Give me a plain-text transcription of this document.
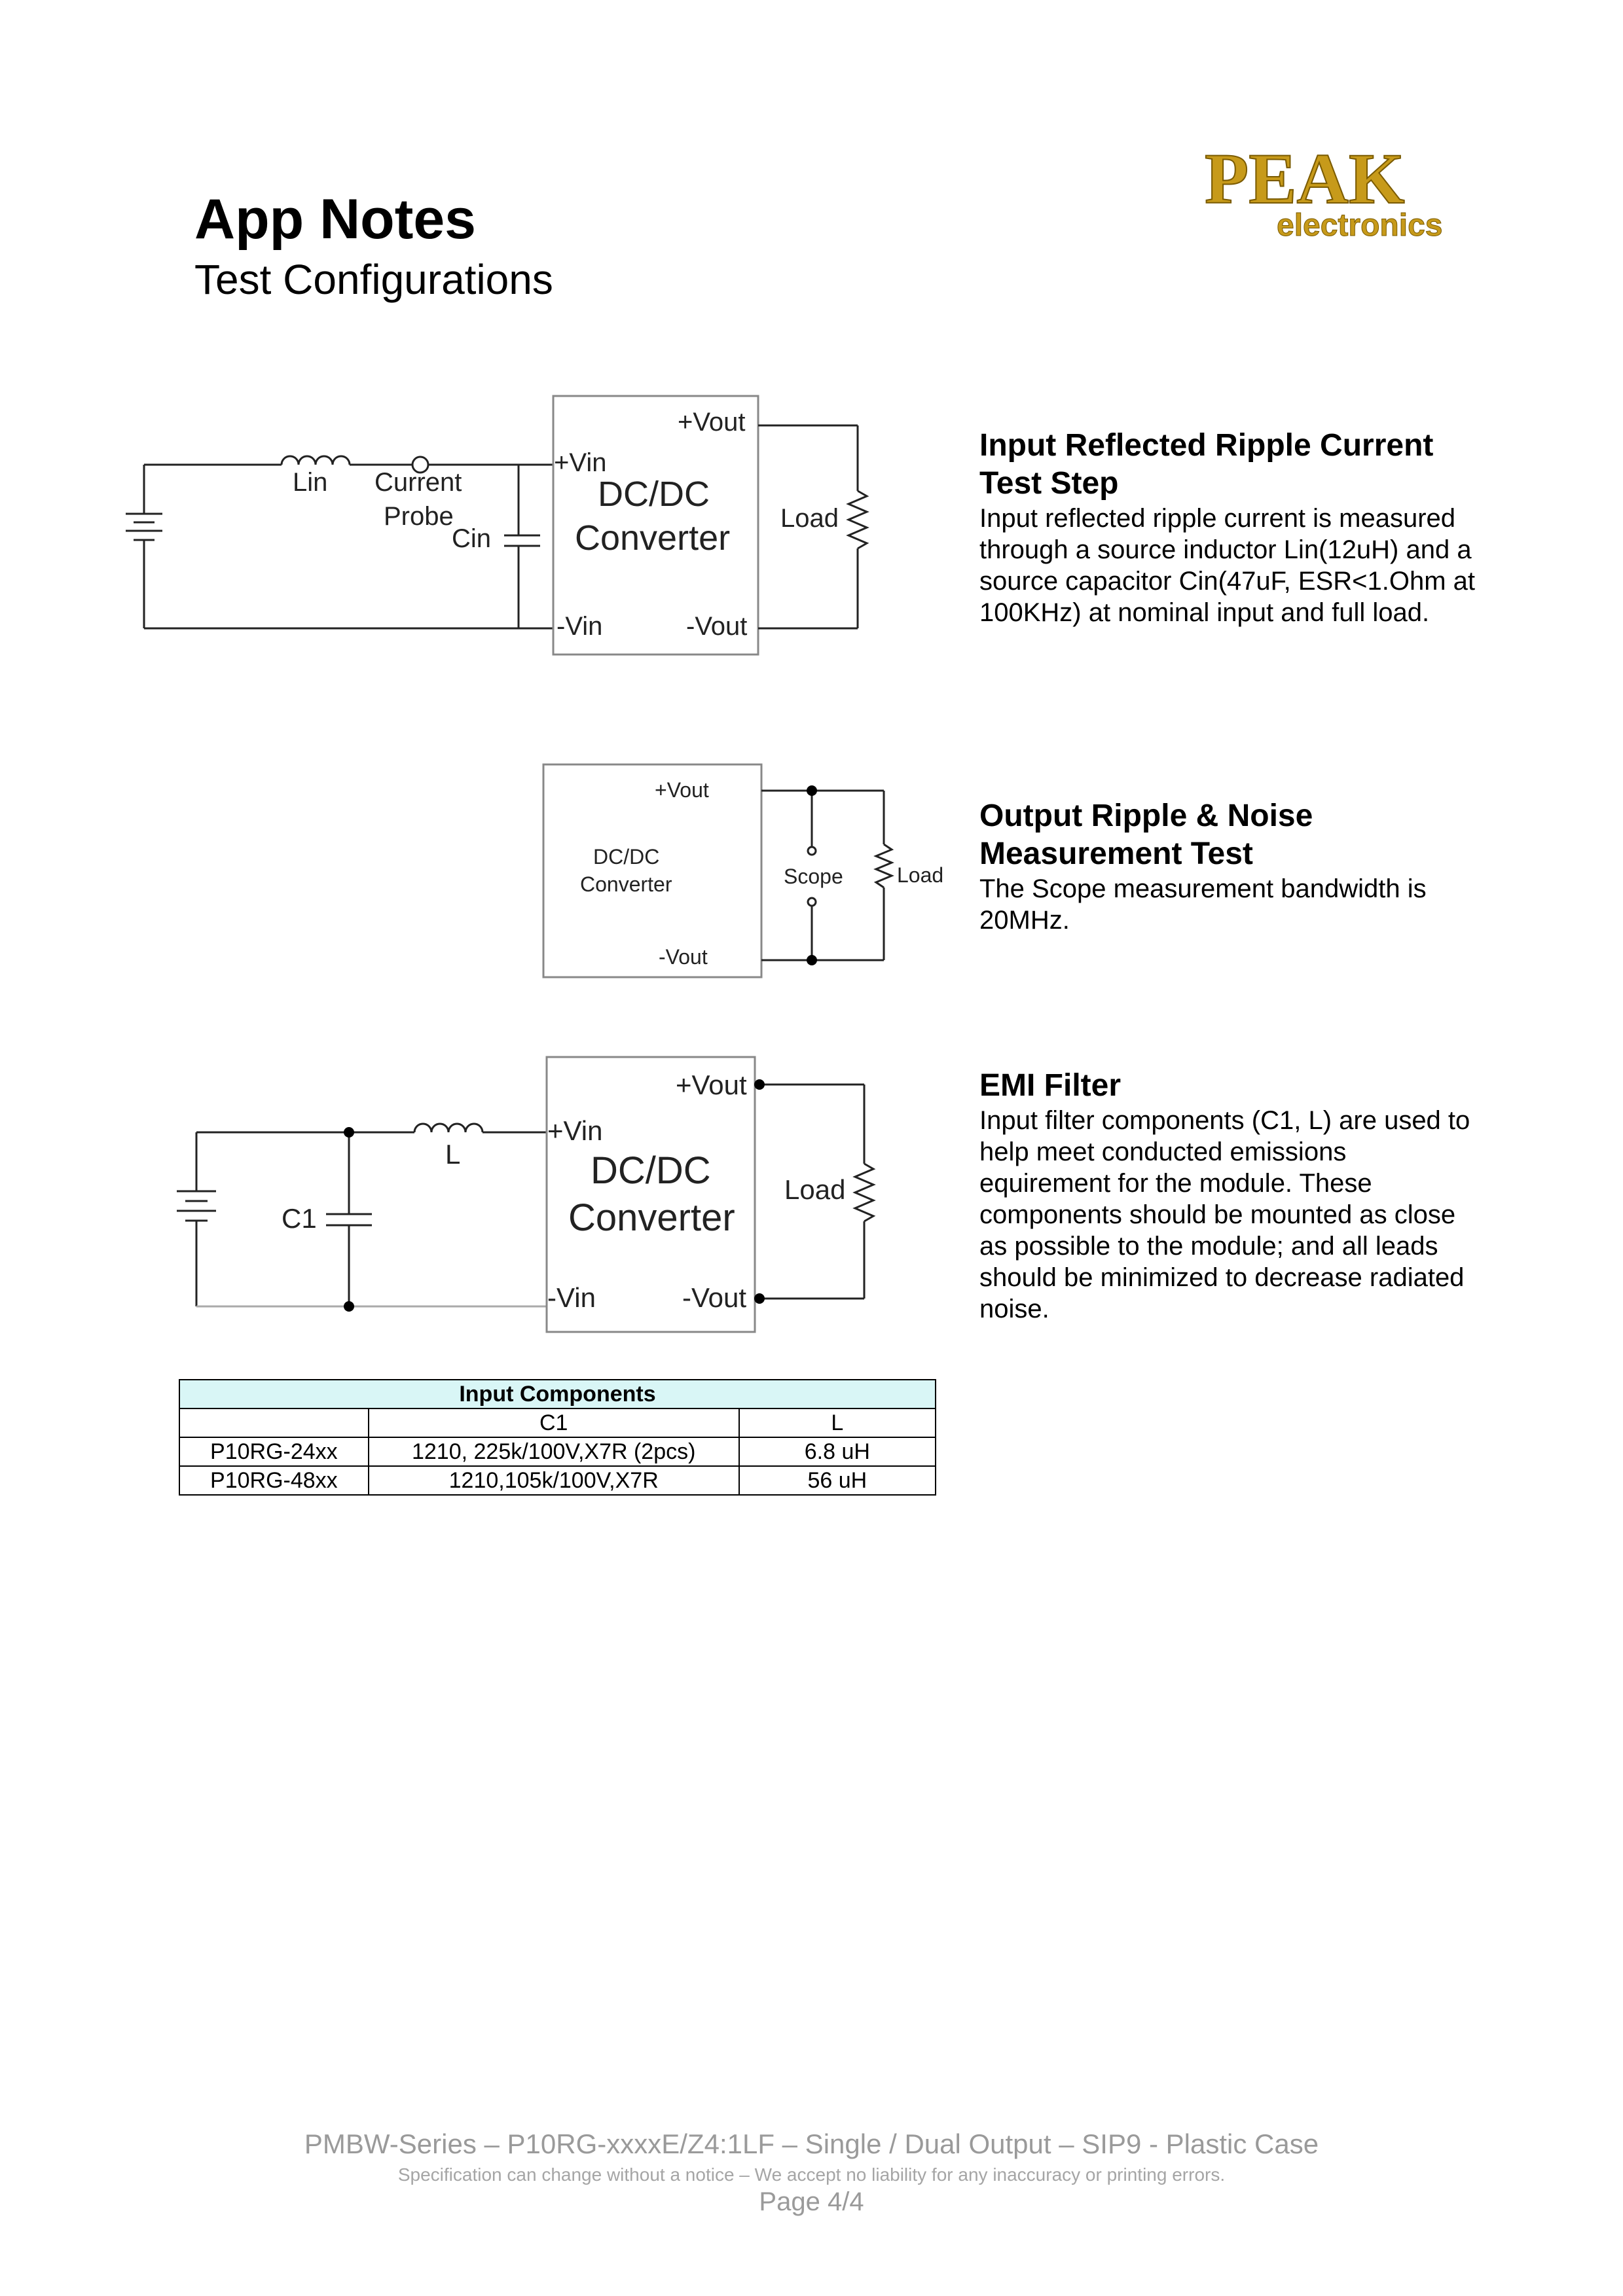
App Notes
Test Configurations
PEAK
electronics
Lin Current
Probe
Cin
+Vin
-Vin
+Vout
-Vout
DC/DC
Converter Load
+Vout
-Vout
DC/DC
Converter	Scope	Load
L
C1
+Vin
-Vin
+Vout
-Vout
DC/DC
Converter
Load
Input Reflected Ripple Current
Test Step
Input reflected ripple current is measured
through a source inductor Lin(12uH) and a
source capacitor Cin(47uF, ESR<1.Ohm at
100KHz) at nominal input and full load.
Output Ripple & Noise
Measurement Test
The Scope measurement bandwidth is
20MHz.
EMI Filter
Input filter components (C1, L) are used to
help meet conducted emissions
equirement for the module. These
components should be mounted as close
as possible to the module; and all leads
should be minimized to decrease radiated
noise.
Input Components		
	C1	L
P10RG-24xx	1210, 225k/100V,X7R (2pcs)	6.8 uH
P10RG-48xx	1210,105k/100V,X7R	56 uH
PMBW-Series – P10RG-xxxxE/Z4:1LF – Single / Dual Output – SIP9 - Plastic Case
Specification can change without a notice – We accept no liability for any inaccuracy or printing errors.
Page 4/4
